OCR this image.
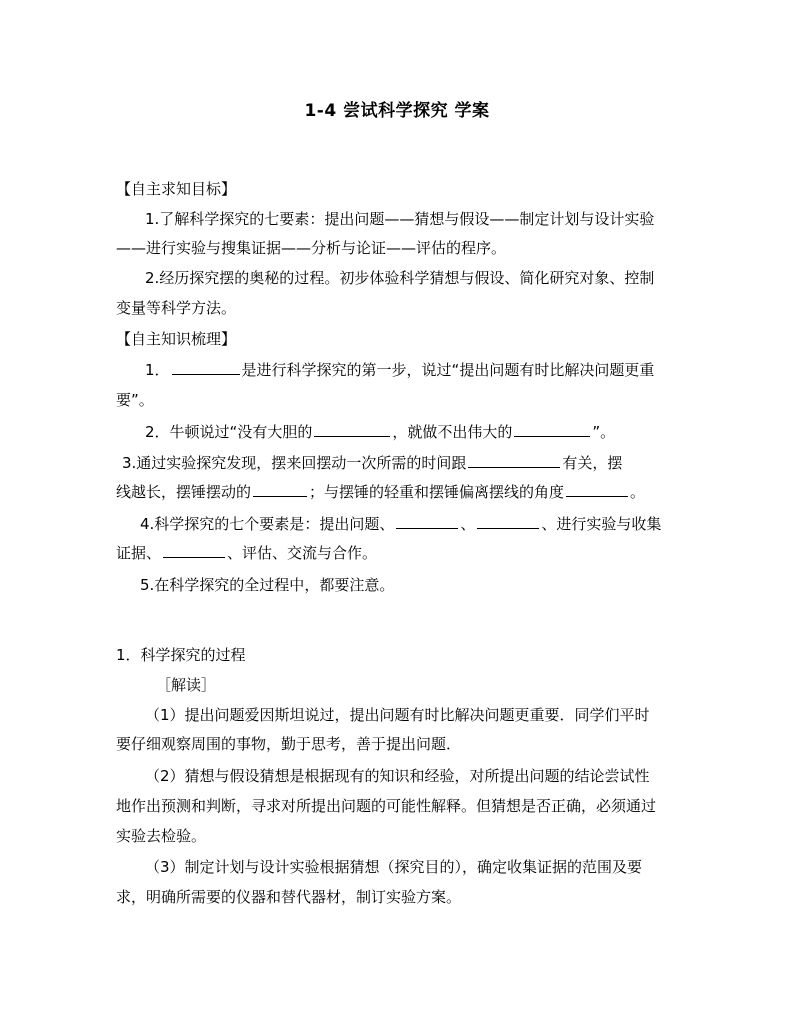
1-4 尝试科学探究 学案
【自主求知目标】
1.了解科学探究的七要素：提出问题——猜想与假设——制定计划与设计实验
——进行实验与搜集证据——分析与论证——评估的程序。
2.经历探究摆的奥秘的过程。初步体验科学猜想与假设、简化研究对象、控制
变量等科学方法。
【自主知识梳理】
1．	是进行科学探究的第一步，说过“提出问题有时比解决问题更重
要”。
2．牛顿说过“没有大胆的	，就做不出伟大的	”。
3.通过实验探究发现，摆来回摆动一次所需的时间跟	有关，摆
线越长，摆锤摆动的	；与摆锤的轻重和摆锤偏离摆线的角度	。
4.科学探究的七个要素是：提出问题、	、	、进行实验与收集
证据、	、评估、交流与合作。
5.在科学探究的全过程中，都要注意。
1．科学探究的过程
［解读］
（1）提出问题爱因斯坦说过，提出问题有时比解决问题更重要．同学们平时
要仔细观察周围的事物，勤于思考，善于提出问题．
（2）猜想与假设猜想是根据现有的知识和经验，对所提出问题的结论尝试性
地作出预测和判断，寻求对所提出问题的可能性解释。但猜想是否正确，必须通过
实验去检验。
（3）制定计划与设计实验根据猜想（探究目的），确定收集证据的范围及要
求，明确所需要的仪器和替代器材，制订实验方案。
